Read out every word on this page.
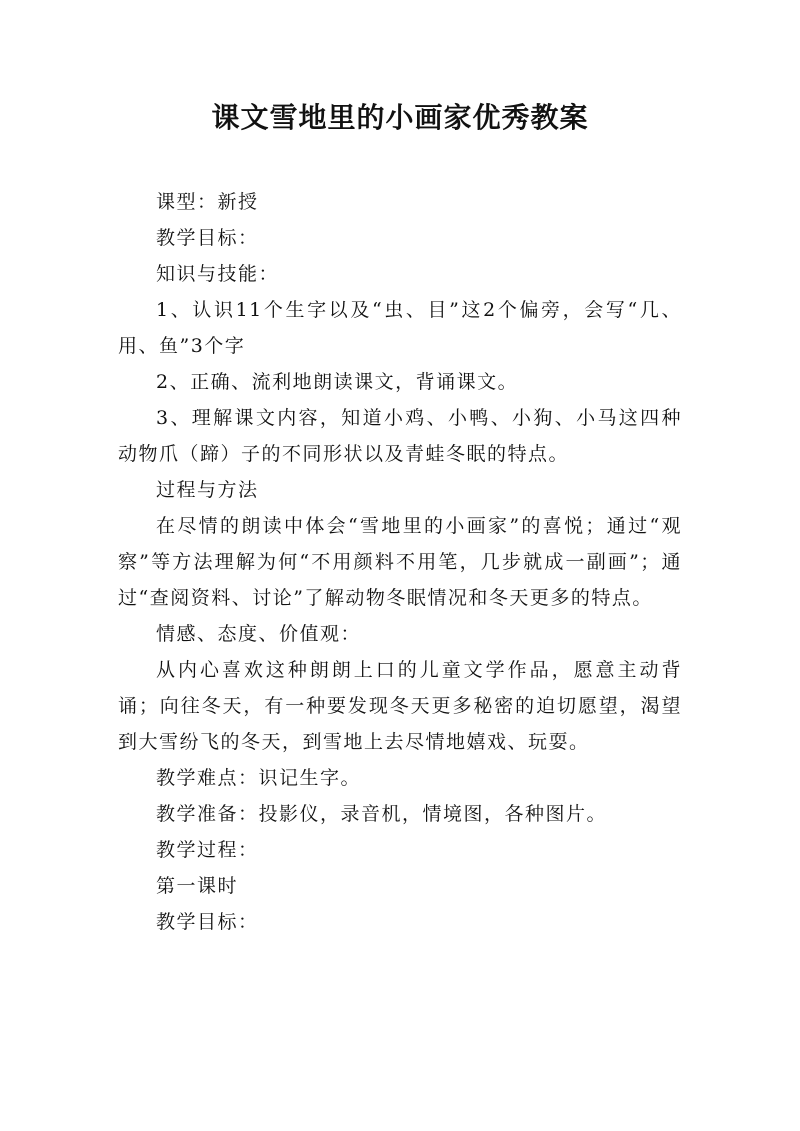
课文雪地里的小画家优秀教案

课型：新授

教学目标：

知识与技能：

1、认识11个生字以及“虫、目”这2个偏旁，会写“几、用、鱼”3个字

2、正确、流利地朗读课文，背诵课文。

3、理解课文内容，知道小鸡、小鸭、小狗、小马这四种动物爪（蹄）子的不同形状以及青蛙冬眠的特点。

过程与方法

在尽情的朗读中体会“雪地里的小画家”的喜悦；通过“观察”等方法理解为何“不用颜料不用笔，几步就成一副画”；通过“查阅资料、讨论”了解动物冬眠情况和冬天更多的特点。

情感、态度、价值观：

从内心喜欢这种朗朗上口的儿童文学作品，愿意主动背诵；向往冬天，有一种要发现冬天更多秘密的迫切愿望，渴望到大雪纷飞的冬天，到雪地上去尽情地嬉戏、玩耍。

教学难点：识记生字。

教学准备：投影仪，录音机，情境图，各种图片。

教学过程：

第一课时

教学目标：
